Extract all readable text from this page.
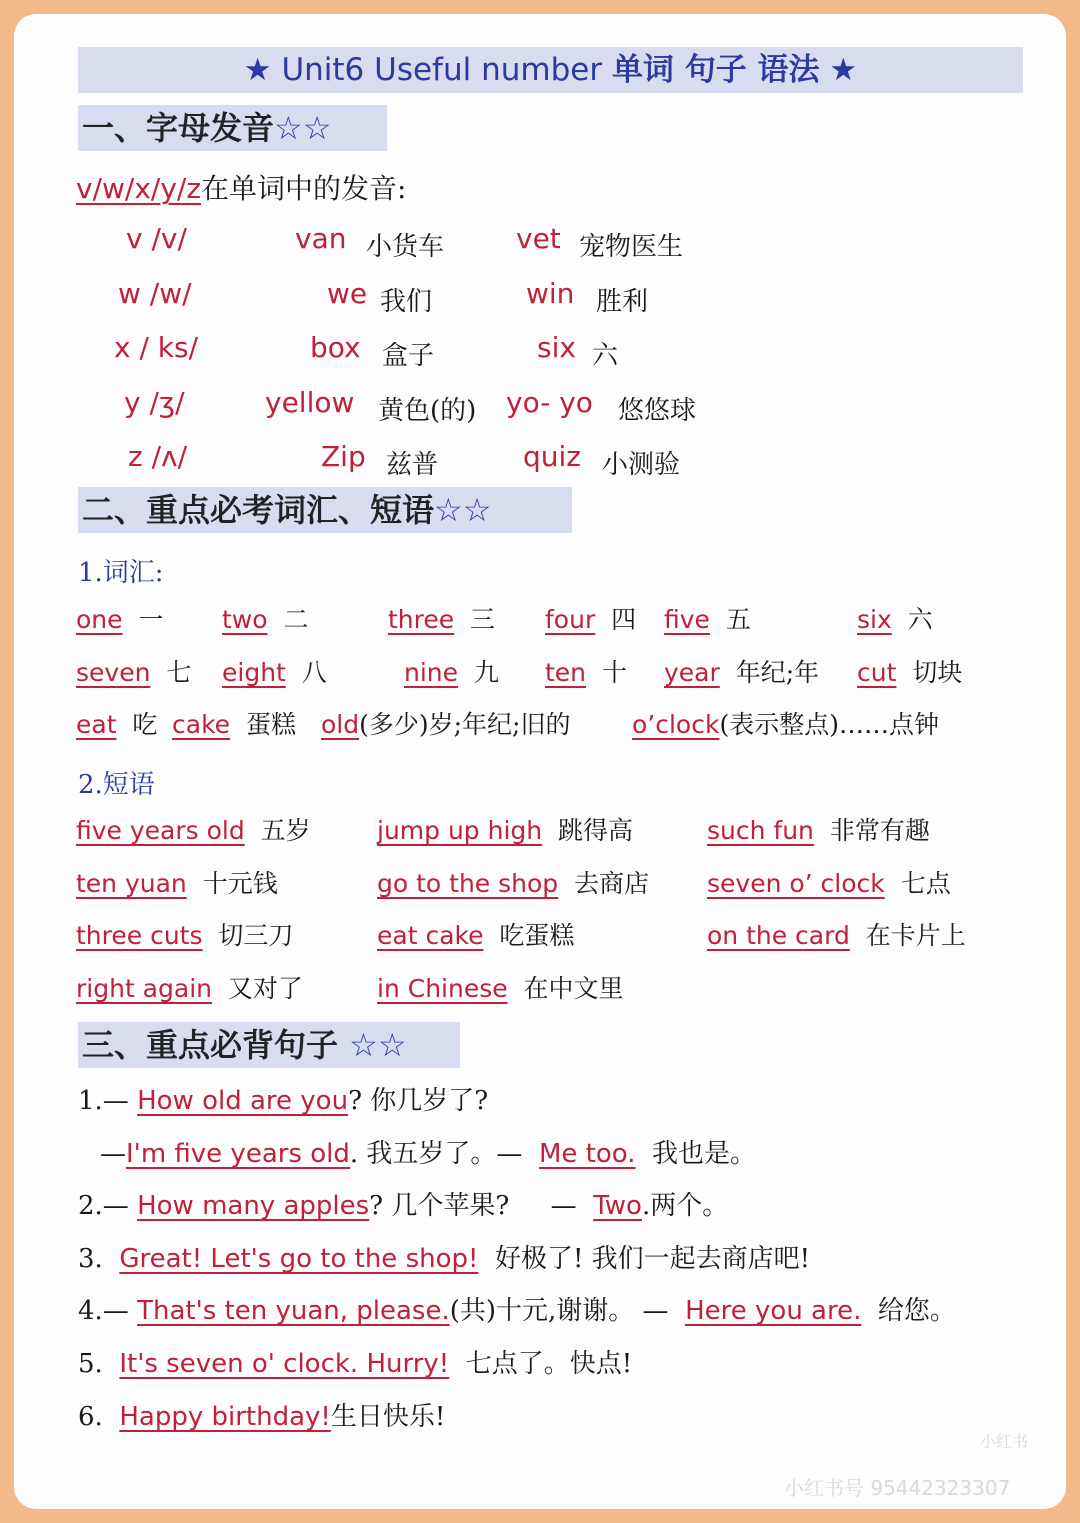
★ Unit6 Useful number 单词 句子 语法 ★
一、字母发音☆☆
v/w/x/y/z在单词中的发音:
v /v/	van 小货车	vet 宠物医生
w /w/	we 我们	win 胜利
x / ks/	box 盒子	six 六
y /ʒ/	yellow 黄色(的) yo- yo 悠悠球
z /ʌ/	Zip 兹普	quiz 小测验
二、重点必考词汇、短语☆☆
1.词汇:
one 一 two 二	three 三 four 四 five 五	six 六
seven 七 eight 八	nine 九 ten 十 year 年纪;年 cut 切块
eat 吃 cake 蛋糕 old(多少)岁;年纪;旧的 o’clock(表示整点)……点钟
2.短语
five years old 五岁	jump up high 跳得高	such fun 非常有趣
ten yuan 十元钱	go to the shop 去商店 seven o’ clock 七点
three cuts 切三刀	eat cake 吃蛋糕	on the card 在卡片上
right again 又对了	in Chinese 在中文里
三、重点必背句子 ☆☆
1.— How old are you? 你几岁了?
—I'm five years old. 我五岁了。— Me too. 我也是。
2.— How many apples? 几个苹果? — Two.两个。
3. Great! Let's go to the shop! 好极了! 我们一起去商店吧!
4.— That's ten yuan, please.(共)十元,谢谢。 — Here you are. 给您。
5. It's seven o' clock. Hurry! 七点了。快点!
6. Happy birthday!生日快乐!
小红书
小红书号 95442323307
